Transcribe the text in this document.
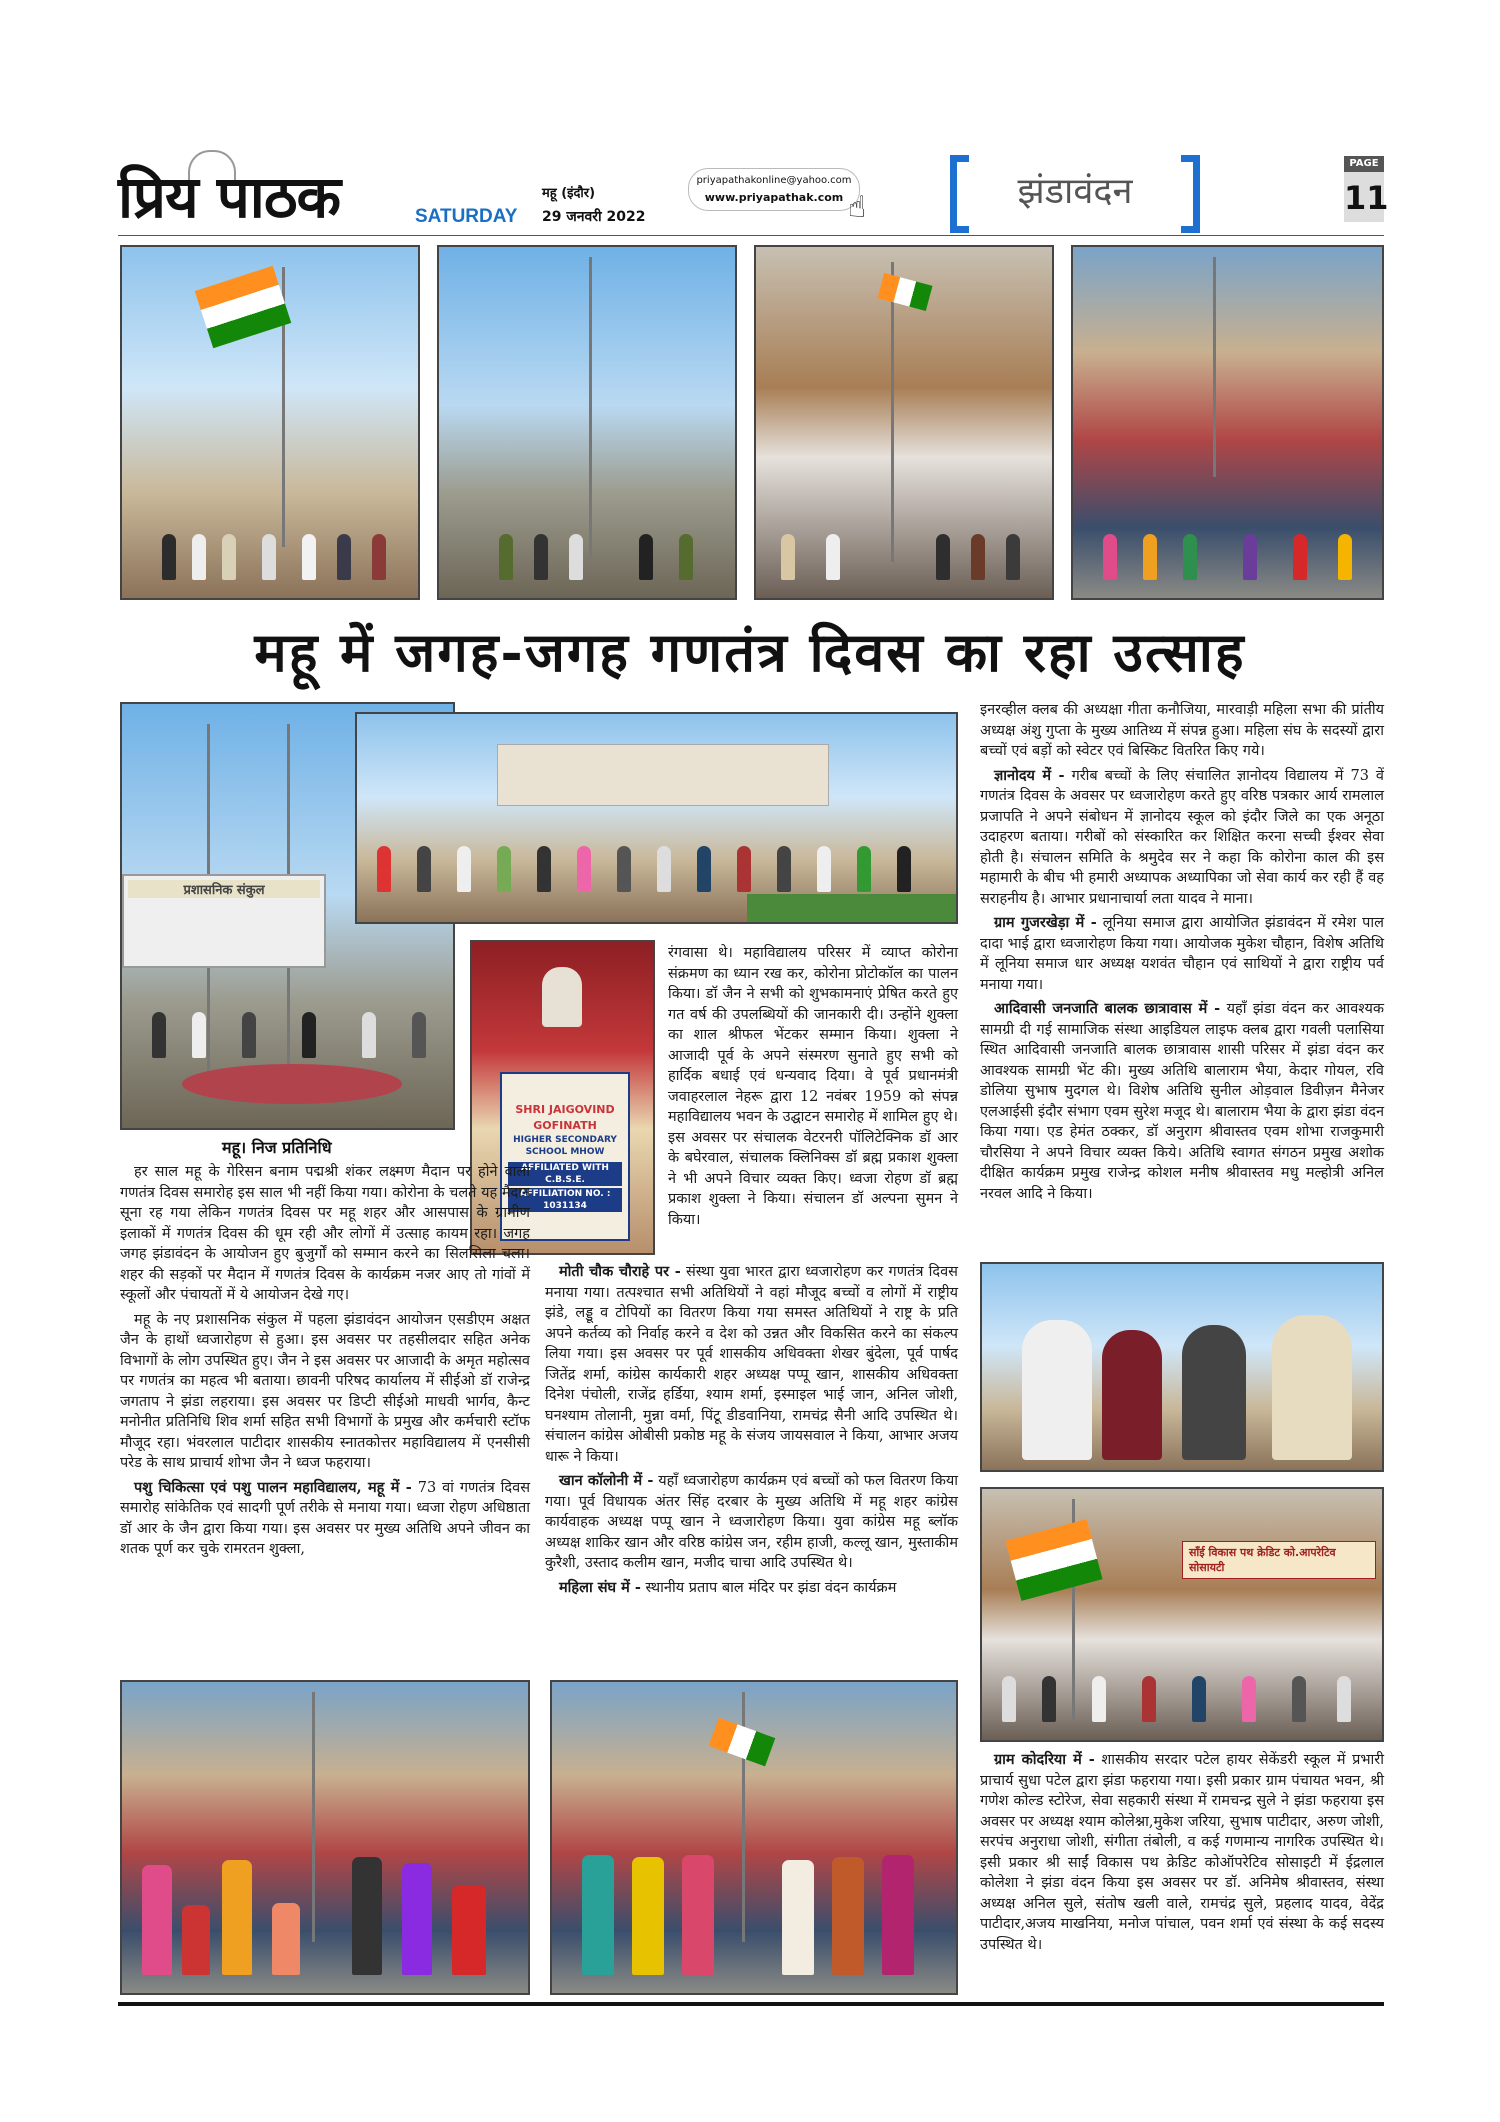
प्रिय पाठक	SATURDAY
महू (इंदौर)
29 जनवरी 2022
priyapathakonline@yahoo.com
www.priyapathak.com ☝	झंडावंदन
PAGE
11
महू में जगह-जगह गणतंत्र दिवस का रहा उत्साह
प्रशासनिक संकुल
SHRI JAIGOVIND GOFINATH
HIGHER SECONDARY SCHOOL MHOW
AFFILIATED WITH C.B.S.E.
AFFILIATION NO. : 1031134
महू। निज प्रतिनिधि

हर साल महू के गेरिसन बनाम पद्मश्री शंकर लक्ष्मण मैदान पर होने वाला गणतंत्र दिवस समारोह इस साल भी नहीं किया गया। कोरोना के चलते यह मैदान सूना रह गया लेकिन गणतंत्र दिवस पर महू शहर और आसपास के ग्रामीण इलाकों में गणतंत्र दिवस की धूम रही और लोगों में उत्साह कायम रहा। जगह जगह झंडावंदन के आयोजन हुए बुजुर्गों को सम्मान करने का सिलसिला चला। शहर की सड़कों पर मैदान में गणतंत्र दिवस के कार्यक्रम नजर आए तो गांवों में स्कूलों और पंचायतों में ये आयोजन देखे गए।

महू के नए प्रशासनिक संकुल में पहला झंडावंदन आयोजन एसडीएम अक्षत जैन के हाथों ध्वजारोहण से हुआ। इस अवसर पर तहसीलदार सहित अनेक विभागों के लोग उपस्थित हुए। जैन ने इस अवसर पर आजादी के अमृत महोत्सव पर गणतंत्र का महत्व भी बताया। छावनी परिषद कार्यालय में सीईओ डॉ राजेन्द्र जगताप ने झंडा लहराया। इस अवसर पर डिप्टी सीईओ माधवी भार्गव, कैन्ट मनोनीत प्रतिनिधि शिव शर्मा सहित सभी विभागों के प्रमुख और कर्मचारी स्टॉफ मौजूद रहा। भंवरलाल पाटीदार शासकीय स्नातकोत्तर महाविद्यालय में एनसीसी परेड के साथ प्राचार्य शोभा जैन ने ध्वज फहराया।

पशु चिकित्सा एवं पशु पालन महाविद्यालय, महू में - 73 वां गणतंत्र दिवस समारोह सांकेतिक एवं सादगी पूर्ण तरीके से मनाया गया। ध्वजा रोहण अधिष्ठाता डॉ आर के जैन द्वारा किया गया। इस अवसर पर मुख्य अतिथि अपने जीवन का शतक पूर्ण कर चुके रामरतन शुक्ला,

रंगवासा थे। महाविद्यालय परिसर में व्याप्त कोरोना संक्रमण का ध्यान रख कर, कोरोना प्रोटोकॉल का पालन किया। डॉ जैन ने सभी को शुभकामनाएं प्रेषित करते हुए गत वर्ष की उपलब्धियों की जानकारी दी। उन्होंने शुक्ला का शाल श्रीफल भेंटकर सम्मान किया। शुक्ला ने आजादी पूर्व के अपने संस्मरण सुनाते हुए सभी को हार्दिक बधाई एवं धन्यवाद दिया। वे पूर्व प्रधानमंत्री जवाहरलाल नेहरू द्वारा 12 नवंबर 1959 को संपन्न महाविद्यालय भवन के उद्घाटन समारोह में शामिल हुए थे। इस अवसर पर संचालक वेटरनरी पॉलिटेक्निक डॉ आर के बघेरवाल, संचालक क्लिनिक्स डॉ ब्रह्म प्रकाश शुक्ला ने भी अपने विचार व्यक्त किए। ध्वजा रोहण डॉ ब्रह्म प्रकाश शुक्ला ने किया। संचालन डॉ अल्पना सुमन ने किया।

मोती चौक चौराहे पर - संस्था युवा भारत द्वारा ध्वजारोहण कर गणतंत्र दिवस मनाया गया। तत्पश्चात सभी अतिथियों ने वहां मौजूद बच्चों व लोगों में राष्ट्रीय झंडे, लड्डू व टोपियों का वितरण किया गया समस्त अतिथियों ने राष्ट्र के प्रति अपने कर्तव्य को निर्वाह करने व देश को उन्नत और विकसित करने का संकल्प लिया गया। इस अवसर पर पूर्व शासकीय अधिवक्ता शेखर बुंदेला, पूर्व पार्षद जितेंद्र शर्मा, कांग्रेस कार्यकारी शहर अध्यक्ष पप्पू खान, शासकीय अधिवक्ता दिनेश पंचोली, राजेंद्र हर्डिया, श्याम शर्मा, इस्माइल भाई जान, अनिल जोशी, घनश्याम तोलानी, मुन्ना वर्मा, पिंटू डीडवानिया, रामचंद्र सैनी आदि उपस्थित थे। संचालन कांग्रेस ओबीसी प्रकोष्ठ महू के संजय जायसवाल ने किया, आभार अजय धारू ने किया।

खान कॉलोनी में - यहाँ ध्वजारोहण कार्यक्रम एवं बच्चों को फल वितरण किया गया। पूर्व विधायक अंतर सिंह दरबार के मुख्य अतिथि में महू शहर कांग्रेस कार्यवाहक अध्यक्ष पप्पू खान ने ध्वजारोहण किया। युवा कांग्रेस महू ब्लॉक अध्यक्ष शाकिर खान और वरिष्ठ कांग्रेस जन, रहीम हाजी, कल्लू खान, मुस्ताकीम कुरैशी, उस्ताद कलीम खान, मजीद चाचा आदि उपस्थित थे।

महिला संघ में - स्थानीय प्रताप बाल मंदिर पर झंडा वंदन कार्यक्रम

इनरव्हील क्लब की अध्यक्षा गीता कनौजिया, मारवाड़ी महिला सभा की प्रांतीय अध्यक्ष अंशु गुप्ता के मुख्य आतिथ्य में संपन्न हुआ। महिला संघ के सदस्यों द्वारा बच्चों एवं बड़ों को स्वेटर एवं बिस्किट वितरित किए गये।

ज्ञानोदय में - गरीब बच्चों के लिए संचालित ज्ञानोदय विद्यालय में 73 वें गणतंत्र दिवस के अवसर पर ध्वजारोहण करते हुए वरिष्ठ पत्रकार आर्य रामलाल प्रजापति ने अपने संबोधन में ज्ञानोदय स्कूल को इंदौर जिले का एक अनूठा उदाहरण बताया। गरीबों को संस्कारित कर शिक्षित करना सच्ची ईश्वर सेवा होती है। संचालन समिति के श्रमुदेव सर ने कहा कि कोरोना काल की इस महामारी के बीच भी हमारी अध्यापक अध्यापिका जो सेवा कार्य कर रही हैं वह सराहनीय है। आभार प्रधानाचार्या लता यादव ने माना।

ग्राम गुजरखेड़ा में - लूनिया समाज द्वारा आयोजित झंडावंदन में रमेश पाल दादा भाई द्वारा ध्वजारोहण किया गया। आयोजक मुकेश चौहान, विशेष अतिथि में लूनिया समाज धार अध्यक्ष यशवंत चौहान एवं साथियों ने द्वारा राष्ट्रीय पर्व मनाया गया।

आदिवासी जनजाति बालक छात्रावास में - यहाँ झंडा वंदन कर आवश्यक सामग्री दी गई सामाजिक संस्था आइडियल लाइफ क्लब द्वारा गवली पलासिया स्थित आदिवासी जनजाति बालक छात्रावास शासी परिसर में झंडा वंदन कर आवश्यक सामग्री भेंट की। मुख्य अतिथि बालाराम भैया, केदार गोयल, रवि डोलिया सुभाष मुदगल थे। विशेष अतिथि सुनील ओड़वाल डिवीज़न मैनेजर एलआईसी इंदौर संभाग एवम सुरेश मजूद थे। बालाराम भैया के द्वारा झंडा वंदन किया गया। एड हेमंत ठक्कर, डॉ अनुराग श्रीवास्तव एवम शोभा राजकुमारी चौरसिया ने अपने विचार व्यक्त किये। अतिथि स्वागत संगठन प्रमुख अशोक दीक्षित कार्यक्रम प्रमुख राजेन्द्र कोशल मनीष श्रीवास्तव मधु मल्होत्री अनिल नरवल आदि ने किया।

साँई विकास पथ क्रेडिट को.आपरेटिव सोसायटी

ग्राम कोदरिया में - शासकीय सरदार पटेल हायर सेकेंडरी स्कूल में प्रभारी प्राचार्य सुधा पटेल द्वारा झंडा फहराया गया। इसी प्रकार ग्राम पंचायत भवन, श्री गणेश कोल्ड स्टोरेज, सेवा सहकारी संस्था में रामचन्द्र सुले ने झंडा फहराया इस अवसर पर अध्यक्ष श्याम कोलेश्ना,मुकेश जरिया, सुभाष पाटीदार, अरुण जोशी, सरपंच अनुराधा जोशी, संगीता तंबोली, व कई गणमान्य नागरिक उपस्थित थे। इसी प्रकार श्री साईं विकास पथ क्रेडिट कोऑपरेटिव सोसाइटी में ईद्रलाल कोलेशा ने झंडा वंदन किया इस अवसर पर डॉ. अनिमेष श्रीवास्तव, संस्था अध्यक्ष अनिल सुले, संतोष खली वाले, रामचंद्र सुले, प्रहलाद यादव, वेदेंद्र पाटीदार,अजय माखनिया, मनोज पांचाल, पवन शर्मा एवं संस्था के कई सदस्य उपस्थित थे।
